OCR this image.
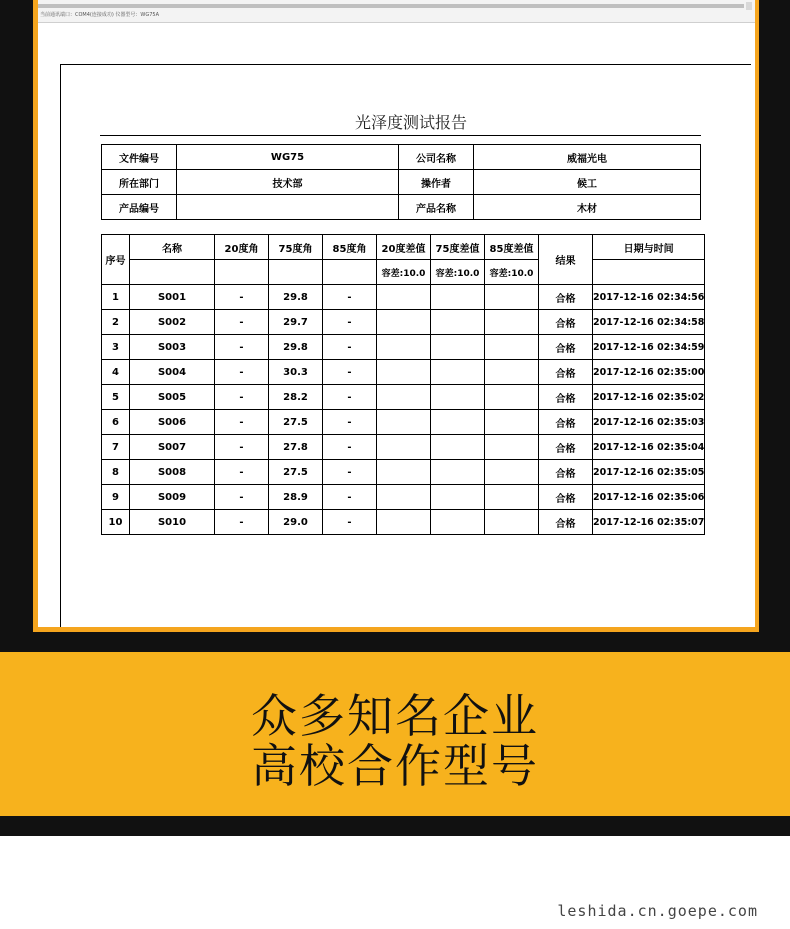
当前通讯端口：COM4(连接成功) 仪器型号：WG75A
光泽度测试报告
文件编号	WG75	公司名称	威福光电
所在部门	技术部	操作者	候工
产品编号		产品名称	木材
序号	名称	20度角	75度角	85度角	20度差值	75度差值	85度差值	结果	日期与时间
					容差:10.0	容差:10.0	容差:10.0		
1	S001	-	29.8	-				合格	2017-12-16 02:34:56
2	S002	-	29.7	-				合格	2017-12-16 02:34:58
3	S003	-	29.8	-				合格	2017-12-16 02:34:59
4	S004	-	30.3	-				合格	2017-12-16 02:35:00
5	S005	-	28.2	-				合格	2017-12-16 02:35:02
6	S006	-	27.5	-				合格	2017-12-16 02:35:03
7	S007	-	27.8	-				合格	2017-12-16 02:35:04
8	S008	-	27.5	-				合格	2017-12-16 02:35:05
9	S009	-	28.9	-				合格	2017-12-16 02:35:06
10	S010	-	29.0	-				合格	2017-12-16 02:35:07
众多知名企业
高校合作型号
leshida.cn.goepe.com
